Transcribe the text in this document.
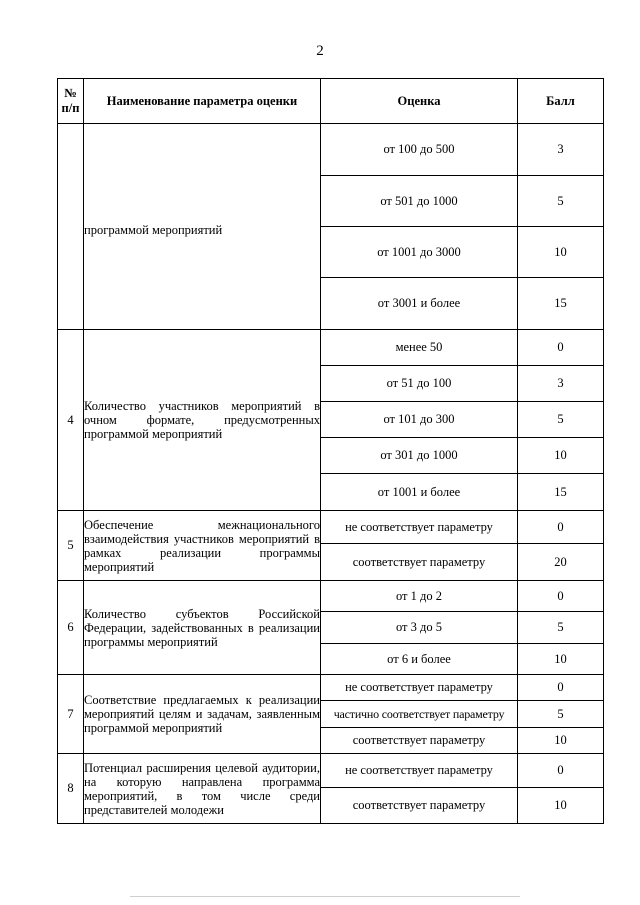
2
№ п/п	Наименование параметра оценки	Оценка	Балл
	программой мероприятий	от 100 до 500	3
		от 501 до 1000	5
		от 1001 до 3000	10
		от 3001 и более	15
4	Количество участников мероприятий в очном формате, предусмотренных программой мероприятий	менее 50	0
		от 51 до 100	3
		от 101 до 300	5
		от 301 до 1000	10
		от 1001 и более	15
5	Обеспечение межнационального взаимодействия участников мероприятий в рамках реализации программы мероприятий	не соответствует параметру	0
		соответствует параметру	20
6	Количество субъектов Российской Федерации, задействованных в реализации программы мероприятий	от 1 до 2	0
		от 3 до 5	5
		от 6 и более	10
7	Соответствие предлагаемых к реализации мероприятий целям и задачам, заявленным программой мероприятий	не соответствует параметру	0
		частично соответствует параметру	5
		соответствует параметру	10
8	Потенциал расширения целевой аудитории, на которую направлена программа мероприятий, в том числе среди представителей молодежи	не соответствует параметру	0
		соответствует параметру	10
